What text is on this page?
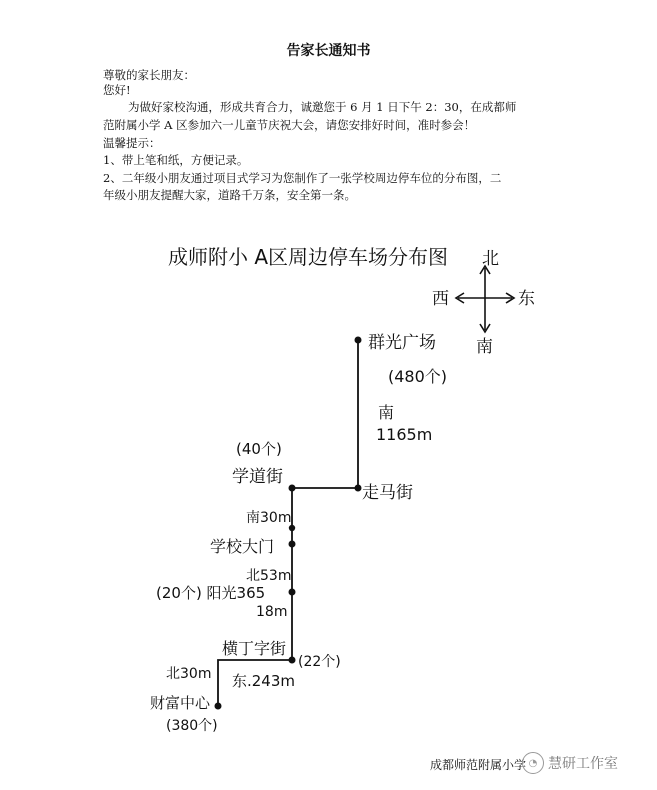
告家长通知书
尊敬的家长朋友：
您好!
为做好家校沟通，形成共育合力，诚邀您于 6 月 1 日下午 2：30，在成都师
范附属小学 A 区参加六一儿童节庆祝大会，请您安排好时间，准时参会！
温馨提示：
1、带上笔和纸，方便记录。
2、二年级小朋友通过项目式学习为您制作了一张学校周边停车位的分布图，二
年级小朋友提醒大家，道路千万条，安全第一条。
成师附小 A区周边停车场分布图 北
南
东
西
群光广场
(480个)
南
1165m
(40个)
学道街
走马街
南30m
学校大门
北53m
(20个) 阳光365
18m
横丁字街
(22个)
北30m 东.243m
财富中心
(380个)
成都师范附属小学 ◔ 慧研工作室
